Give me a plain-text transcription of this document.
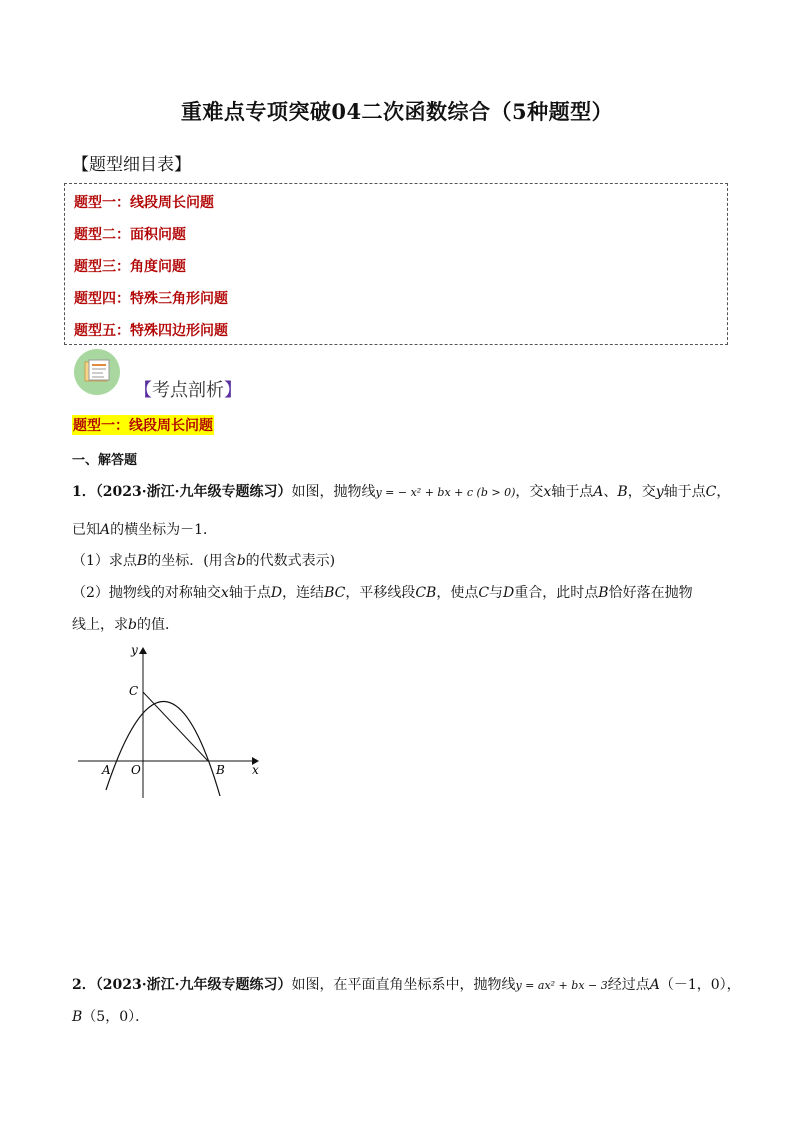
重难点专项突破04二次函数综合（5种题型）
【题型细目表】
题型一：线段周长问题
题型二：面积问题
题型三：角度问题
题型四：特殊三角形问题
题型五：特殊四边形问题
【考点剖析】
题型一：线段周长问题
一、解答题
1．（2023·浙江·九年级专题练习）如图，抛物线y = − x² + bx + c (b > 0)，交x轴于点A、B，交y轴于点C，
已知A的横坐标为－1．
（1）求点B的坐标．(用含b的代数式表示)
（2）抛物线的对称轴交x轴于点D，连结BC，平移线段CB，使点C与D重合，此时点B恰好落在抛物
线上，求b的值．
y
C
A O	B x
2．（2023·浙江·九年级专题练习）如图，在平面直角坐标系中，抛物线y = ax² + bx − 3经过点A（－1，0），
B（5，0）．
